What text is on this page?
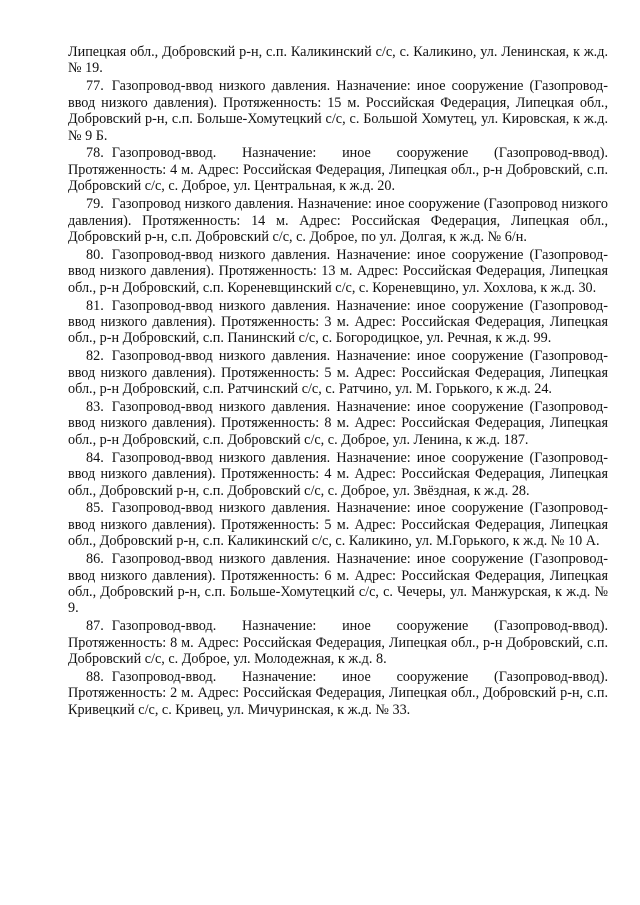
Липецкая обл., Добровский р-н, с.п. Каликинский с/с, с. Каликино, ул. Ленинская, к ж.д. № 19.

77. Газопровод-ввод низкого давления. Назначение: иное сооружение (Газопровод-ввод низкого давления). Протяженность: 15 м. Российская Федерация, Липецкая обл., Добровский р-н, с.п. Больше-Хомутецкий с/с, с. Большой Хомутец, ул. Кировская, к ж.д. № 9 Б.

78. Газопровод-ввод. Назначение: иное сооружение (Газопровод-ввод). Протяженность: 4 м. Адрес: Российская Федерация, Липецкая обл., р-н Добровский, с.п. Добровский с/с, с. Доброе, ул. Центральная, к ж.д. 20.

79. Газопровод низкого давления. Назначение: иное сооружение (Газопровод низкого давления). Протяженность: 14 м. Адрес: Российская Федерация, Липецкая обл., Добровский р-н, с.п. Добровский с/с, с. Доброе, по ул. Долгая, к ж.д. № 6/н.

80. Газопровод-ввод низкого давления. Назначение: иное сооружение (Газопровод-ввод низкого давления). Протяженность: 13 м. Адрес: Российская Федерация, Липецкая обл., р-н Добровский, с.п. Кореневщинский с/с, с. Кореневщино, ул. Хохлова, к ж.д. 30.

81. Газопровод-ввод низкого давления. Назначение: иное сооружение (Газопровод-ввод низкого давления). Протяженность: 3 м. Адрес: Российская Федерация, Липецкая обл., р-н Добровский, с.п. Панинский с/с, с. Богородицкое, ул. Речная, к ж.д. 99.

82. Газопровод-ввод низкого давления. Назначение: иное сооружение (Газопровод-ввод низкого давления). Протяженность: 5 м. Адрес: Российская Федерация, Липецкая обл., р-н Добровский, с.п. Ратчинский с/с, с. Ратчино, ул. М. Горького, к ж.д. 24.

83. Газопровод-ввод низкого давления. Назначение: иное сооружение (Газопровод-ввод низкого давления). Протяженность: 8 м. Адрес: Российская Федерация, Липецкая обл., р-н Добровский, с.п. Добровский с/с, с. Доброе, ул. Ленина, к ж.д. 187.

84. Газопровод-ввод низкого давления. Назначение: иное сооружение (Газопровод-ввод низкого давления). Протяженность: 4 м. Адрес: Российская Федерация, Липецкая обл., Добровский р-н, с.п. Добровский с/с, с. Доброе, ул. Звёздная, к ж.д. 28.

85. Газопровод-ввод низкого давления. Назначение: иное сооружение (Газопровод-ввод низкого давления). Протяженность: 5 м. Адрес: Российская Федерация, Липецкая обл., Добровский р-н, с.п. Каликинский с/с, с. Каликино, ул. М.Горького, к ж.д. № 10 А.

86. Газопровод-ввод низкого давления. Назначение: иное сооружение (Газопровод-ввод низкого давления). Протяженность: 6 м. Адрес: Российская Федерация, Липецкая обл., Добровский р-н, с.п. Больше-Хомутецкий с/с, с. Чечеры, ул. Манжурская, к ж.д. № 9.

87. Газопровод-ввод. Назначение: иное сооружение (Газопровод-ввод). Протяженность: 8 м. Адрес: Российская Федерация, Липецкая обл., р-н Добровский, с.п. Добровский с/с, с. Доброе, ул. Молодежная, к ж.д. 8.

88. Газопровод-ввод. Назначение: иное сооружение (Газопровод-ввод). Протяженность: 2 м. Адрес: Российская Федерация, Липецкая обл., Добровский р-н, с.п. Кривецкий с/с, с. Кривец, ул. Мичуринская, к ж.д. № 33.
